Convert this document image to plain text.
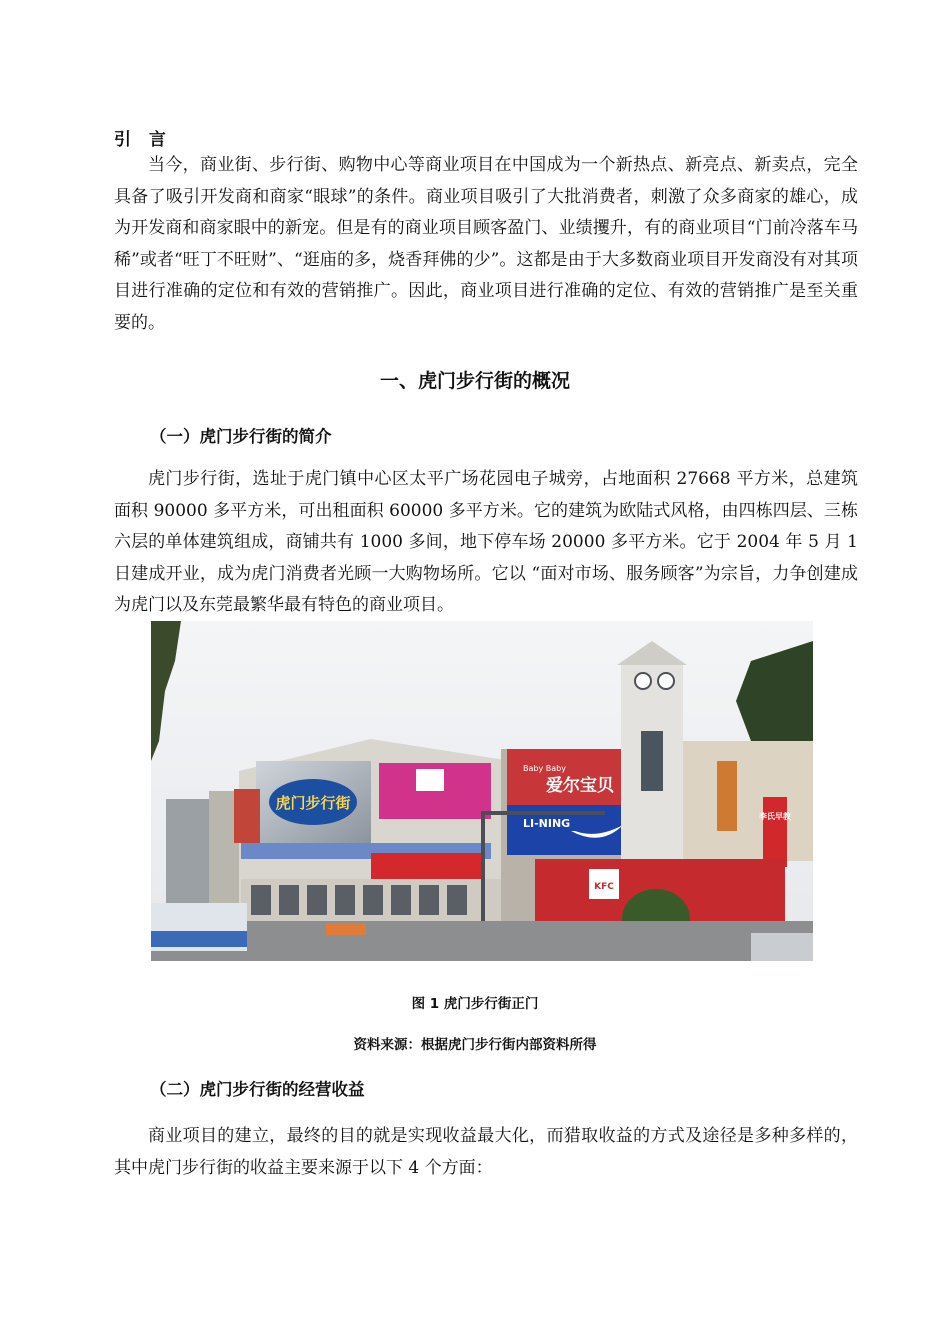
引 言

当今，商业街、步行街、购物中心等商业项目在中国成为一个新热点、新亮点、新卖点，完全具备了吸引开发商和商家“眼球”的条件。商业项目吸引了大批消费者，刺激了众多商家的雄心，成为开发商和商家眼中的新宠。但是有的商业项目顾客盈门、业绩攫升，有的商业项目“门前冷落车马稀”或者“旺丁不旺财”、“逛庙的多，烧香拜佛的少”。这都是由于大多数商业项目开发商没有对其项目进行准确的定位和有效的营销推广。因此，商业项目进行准确的定位、有效的营销推广是至关重要的。

一、虎门步行街的概况
（一）虎门步行街的简介

虎门步行街，选址于虎门镇中心区太平广场花园电子城旁，占地面积 27668 平方米，总建筑面积 90000 多平方米，可出租面积 60000 多平方米。它的建筑为欧陆式风格，由四栋四层、三栋六层的单体建筑组成，商铺共有 1000 多间，地下停车场 20000 多平方米。它于 2004 年 5 月 1 日建成开业，成为虎门消费者光顾一大购物场所。它以 “面对市场、服务顾客”为宗旨，力争创建成为虎门以及东莞最繁华最有特色的商业项目。

虎门步行街
Baby Baby
爱尔宝贝
LI-NING
李氏早教
KFC
图 1 虎门步行街正门
资料来源：根据虎门步行街内部资料所得
（二）虎门步行街的经营收益

商业项目的建立，最终的目的就是实现收益最大化，而猎取收益的方式及途径是多种多样的，其中虎门步行街的收益主要来源于以下 4 个方面：
